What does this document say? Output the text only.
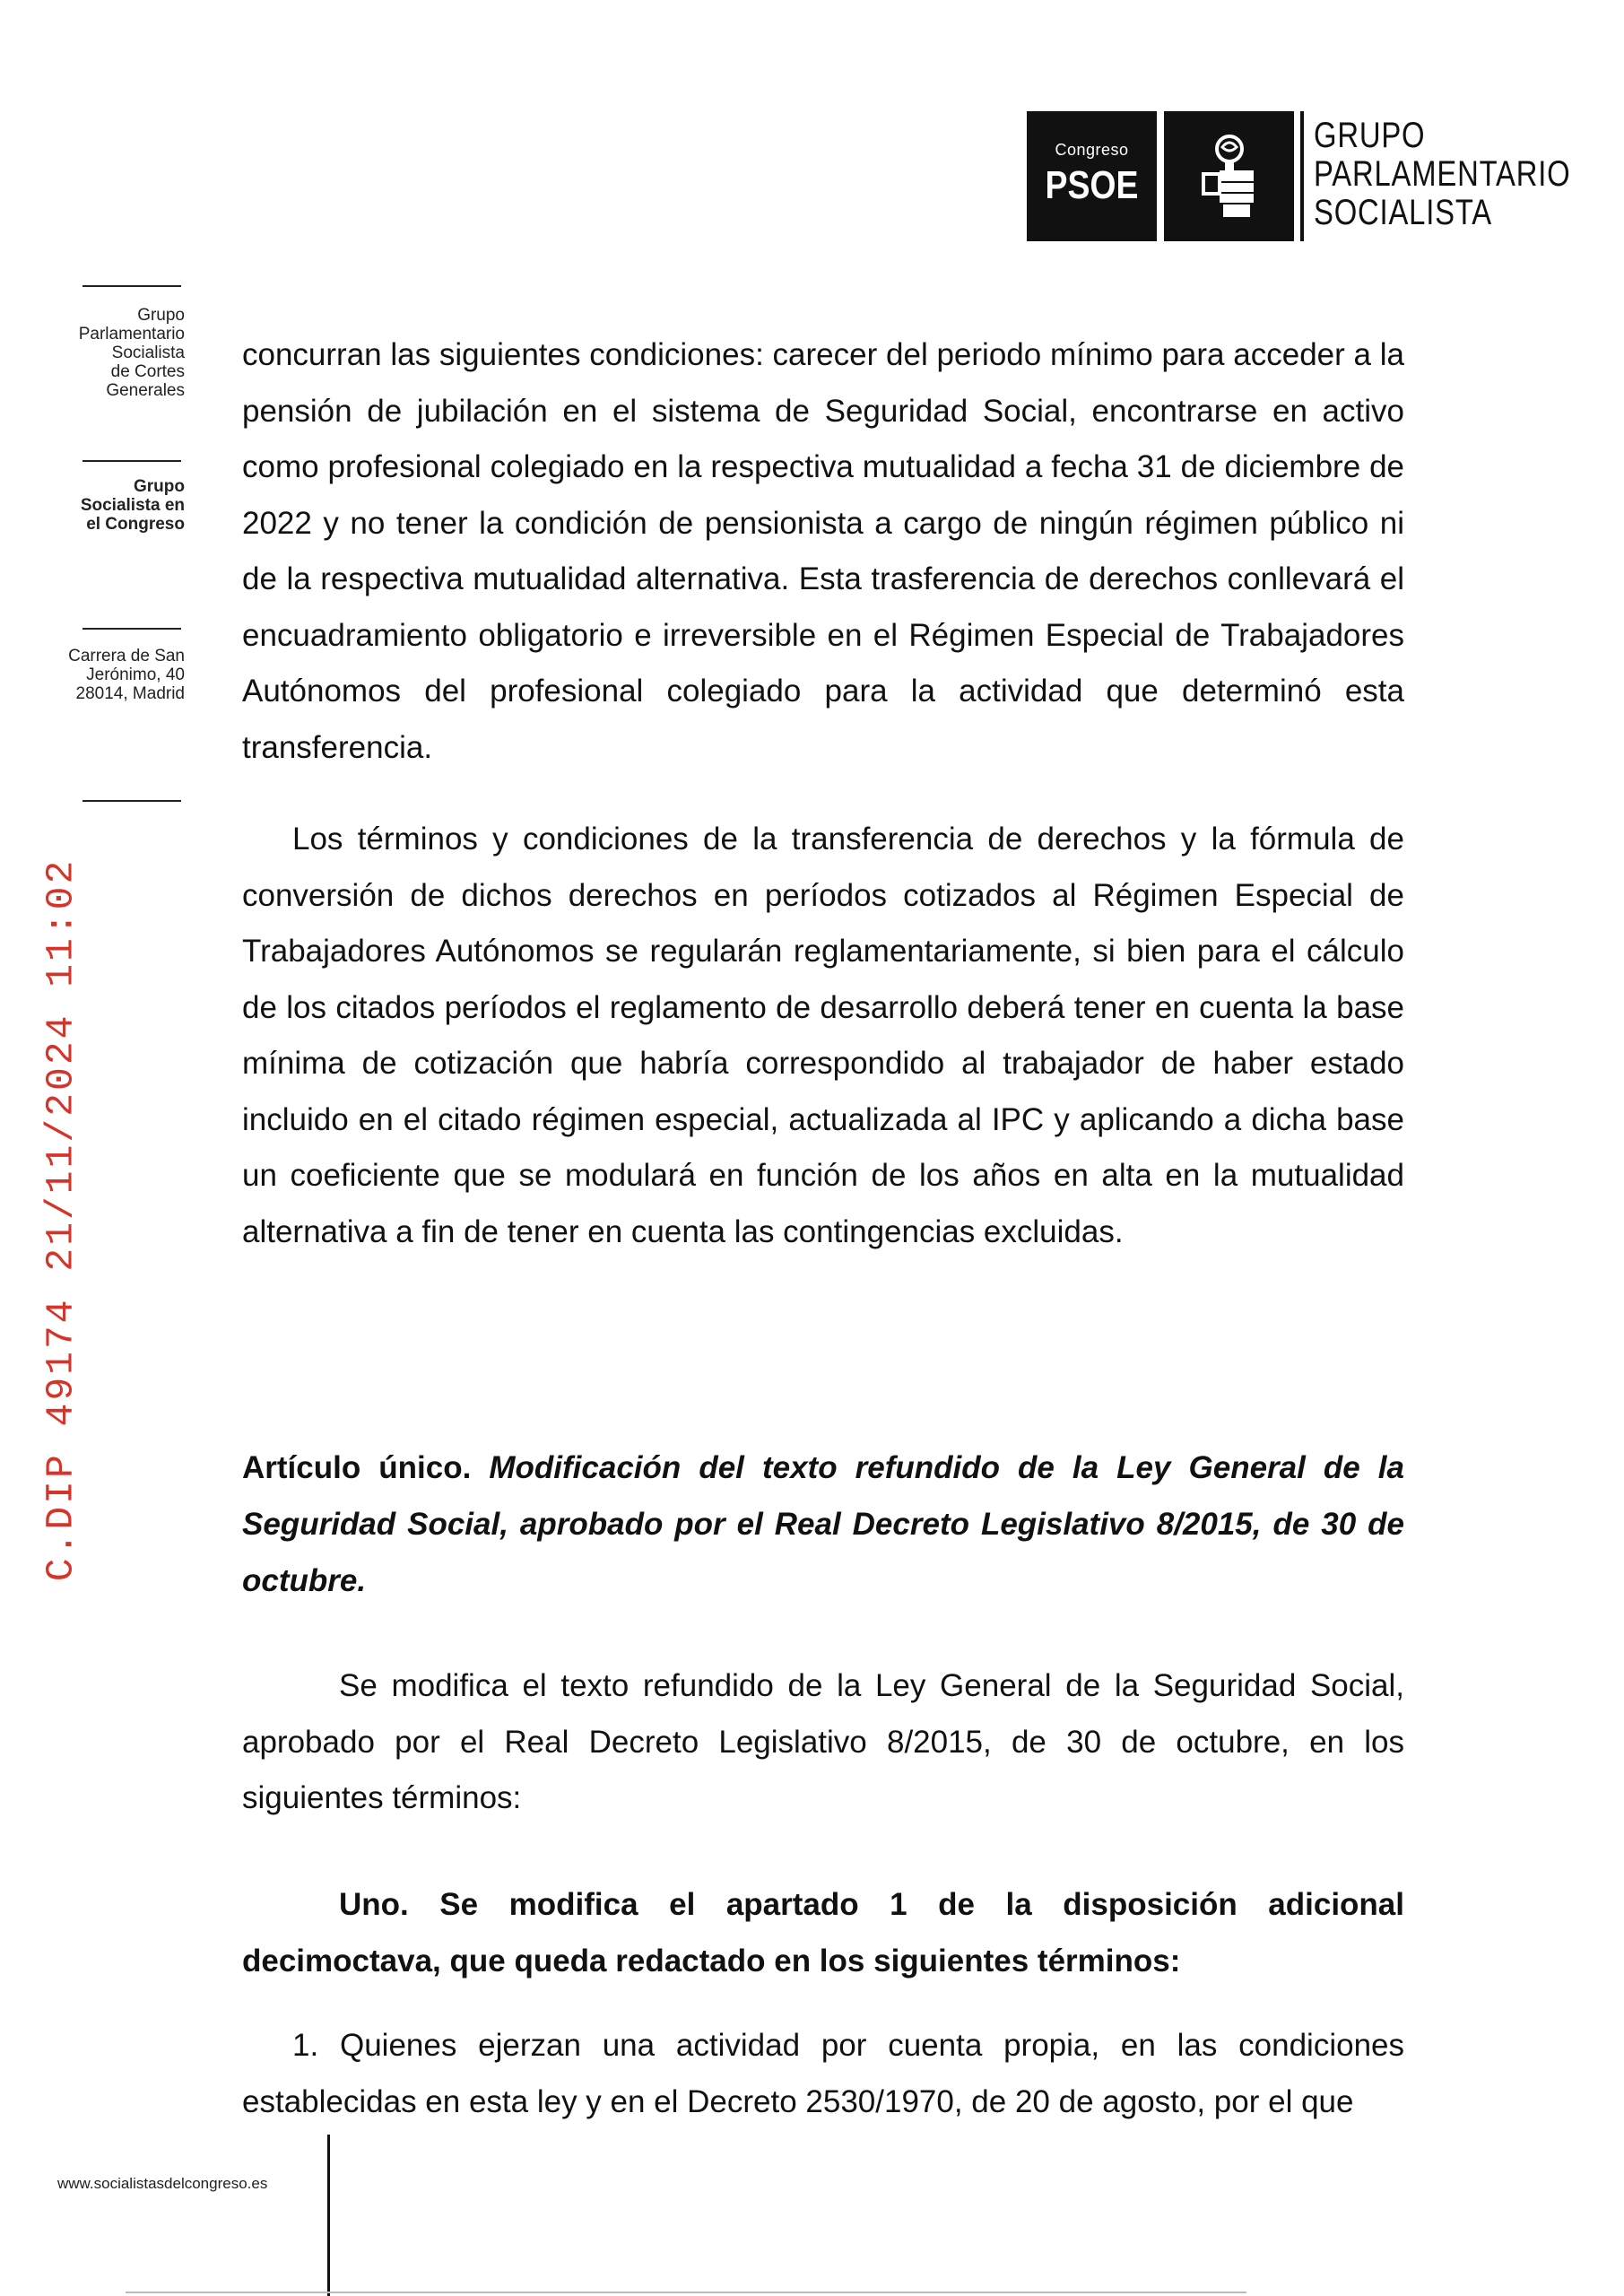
Congreso
PSOE
GRUPO
PARLAMENTARIO
SOCIALISTA
Grupo
Parlamentario
Socialista
de Cortes
Generales
Grupo
Socialista en
el Congreso
Carrera de San
Jerónimo, 40
28014, Madrid
C.DIP 49174 21/11/2024 11:02

concurran las siguientes condiciones: carecer del periodo mínimo para acceder a la pensión de jubilación en el sistema de Seguridad Social, encontrarse en activo como profesional colegiado en la respectiva mutualidad a fecha 31 de diciembre de 2022 y no tener la condición de pensionista a cargo de ningún régimen público ni de la respectiva mutualidad alternativa. Esta trasferencia de derechos conllevará el encuadramiento obligatorio e irreversible en el Régimen Especial de Trabajadores Autónomos del profesional colegiado para la actividad que determinó esta transferencia.

Los términos y condiciones de la transferencia de derechos y la fórmula de conversión de dichos derechos en períodos cotizados al Régimen Especial de Trabajadores Autónomos se regularán reglamentariamente, si bien para el cálculo de los citados períodos el reglamento de desarrollo deberá tener en cuenta la base mínima de cotización que habría correspondido al trabajador de haber estado incluido en el citado régimen especial, actualizada al IPC y aplicando a dicha base un coeficiente que se modulará en función de los años en alta en la mutualidad alternativa a fin de tener en cuenta las contingencias excluidas.

Artículo único. Modificación del texto refundido de la Ley General de la Seguridad Social, aprobado por el Real Decreto Legislativo 8/2015, de 30 de octubre.

Se modifica el texto refundido de la Ley General de la Seguridad Social, aprobado por el Real Decreto Legislativo 8/2015, de 30 de octubre, en los siguientes términos:

Uno. Se modifica el apartado 1 de la disposición adicional decimoctava, que queda redactado en los siguientes términos:

1. Quienes ejerzan una actividad por cuenta propia, en las condiciones establecidas en esta ley y en el Decreto 2530/1970, de 20 de agosto, por el que

www.socialistasdelcongreso.es
